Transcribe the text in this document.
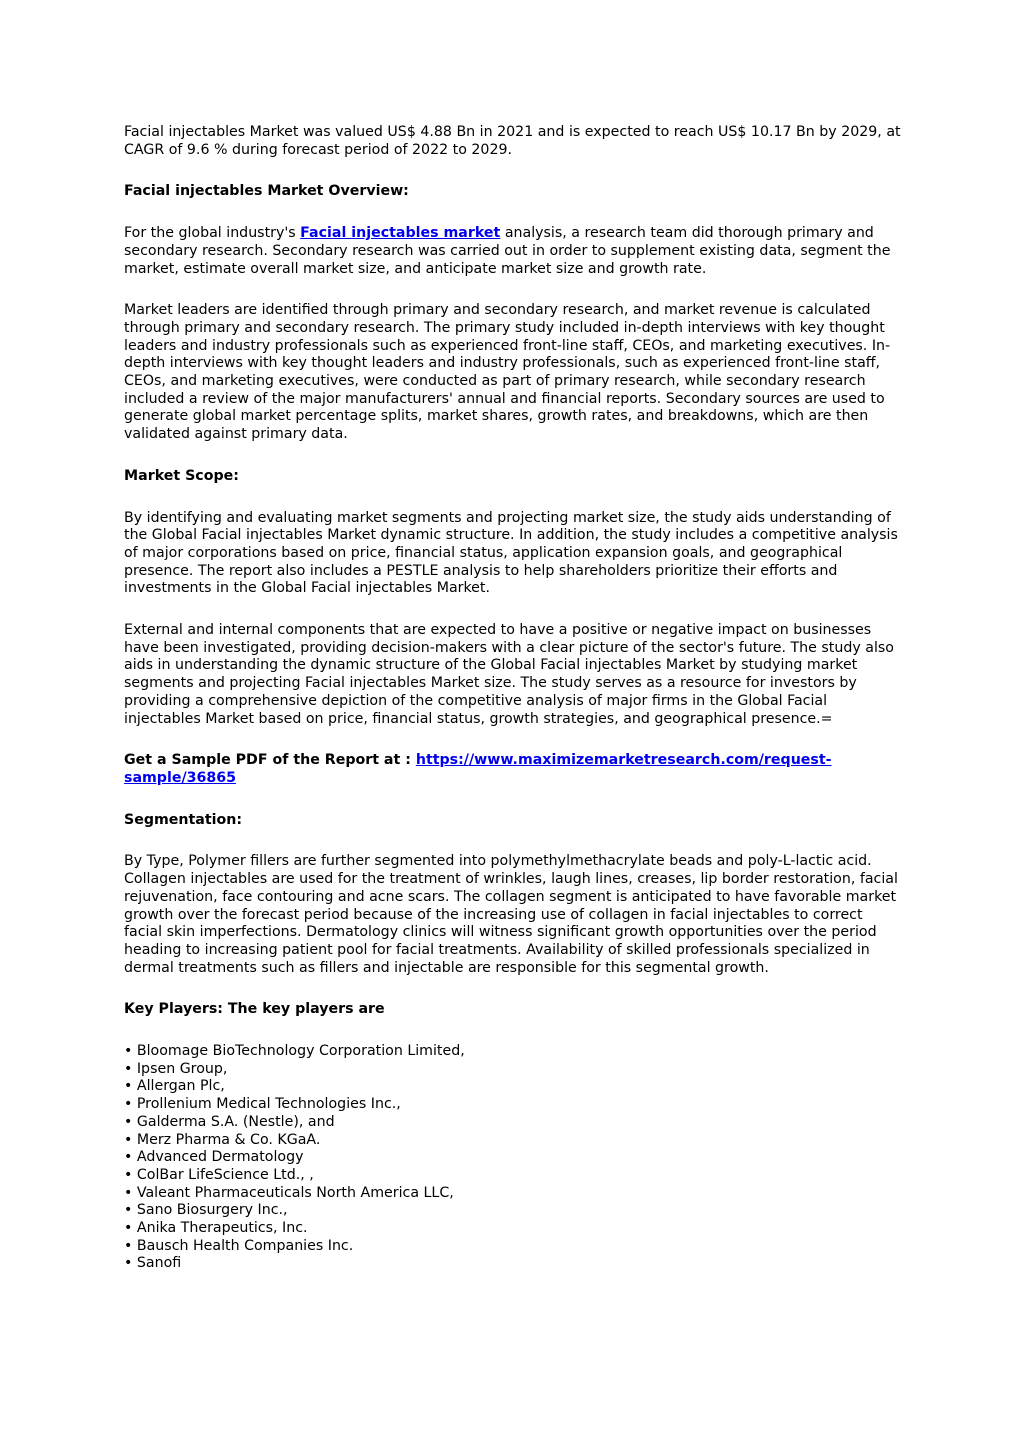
Facial injectables Market was valued US$ 4.88 Bn in 2021 and is expected to reach US$ 10.17 Bn by 2029, at CAGR of 9.6 % during forecast period of 2022 to 2029.

Facial injectables Market Overview:

For the global industry's Facial injectables market analysis, a research team did thorough primary and secondary research. Secondary research was carried out in order to supplement existing data, segment the market, estimate overall market size, and anticipate market size and growth rate.

Market leaders are identified through primary and secondary research, and market revenue is calculated through primary and secondary research. The primary study included in-depth interviews with key thought leaders and industry professionals such as experienced front-line staff, CEOs, and marketing executives. In-depth interviews with key thought leaders and industry professionals, such as experienced front-line staff, CEOs, and marketing executives, were conducted as part of primary research, while secondary research included a review of the major manufacturers' annual and financial reports. Secondary sources are used to generate global market percentage splits, market shares, growth rates, and breakdowns, which are then validated against primary data.

Market Scope:

By identifying and evaluating market segments and projecting market size, the study aids understanding of the Global Facial injectables Market dynamic structure. In addition, the study includes a competitive analysis of major corporations based on price, financial status, application expansion goals, and geographical presence. The report also includes a PESTLE analysis to help shareholders prioritize their efforts and investments in the Global Facial injectables Market.

External and internal components that are expected to have a positive or negative impact on businesses have been investigated, providing decision-makers with a clear picture of the sector's future. The study also aids in understanding the dynamic structure of the Global Facial injectables Market by studying market segments and projecting Facial injectables Market size. The study serves as a resource for investors by providing a comprehensive depiction of the competitive analysis of major firms in the Global Facial injectables Market based on price, financial status, growth strategies, and geographical presence.=

Get a Sample PDF of the Report at : https://www.maximizemarketresearch.com/request-sample/36865

Segmentation:

By Type, Polymer fillers are further segmented into polymethylmethacrylate beads and poly-L-lactic acid. Collagen injectables are used for the treatment of wrinkles, laugh lines, creases, lip border restoration, facial rejuvenation, face contouring and acne scars. The collagen segment is anticipated to have favorable market growth over the forecast period because of the increasing use of collagen in facial injectables to correct facial skin imperfections. Dermatology clinics will witness significant growth opportunities over the period heading to increasing patient pool for facial treatments. Availability of skilled professionals specialized in dermal treatments such as fillers and injectable are responsible for this segmental growth.

Key Players: The key players are

• Bloomage BioTechnology Corporation Limited,
• Ipsen Group,
• Allergan Plc,
• Prollenium Medical Technologies Inc.,
• Galderma S.A. (Nestle), and
• Merz Pharma & Co. KGaA.
• Advanced Dermatology
• ColBar LifeScience Ltd., ,
• Valeant Pharmaceuticals North America LLC,
• Sano Biosurgery Inc.,
• Anika Therapeutics, Inc.
• Bausch Health Companies Inc.
• Sanofi
